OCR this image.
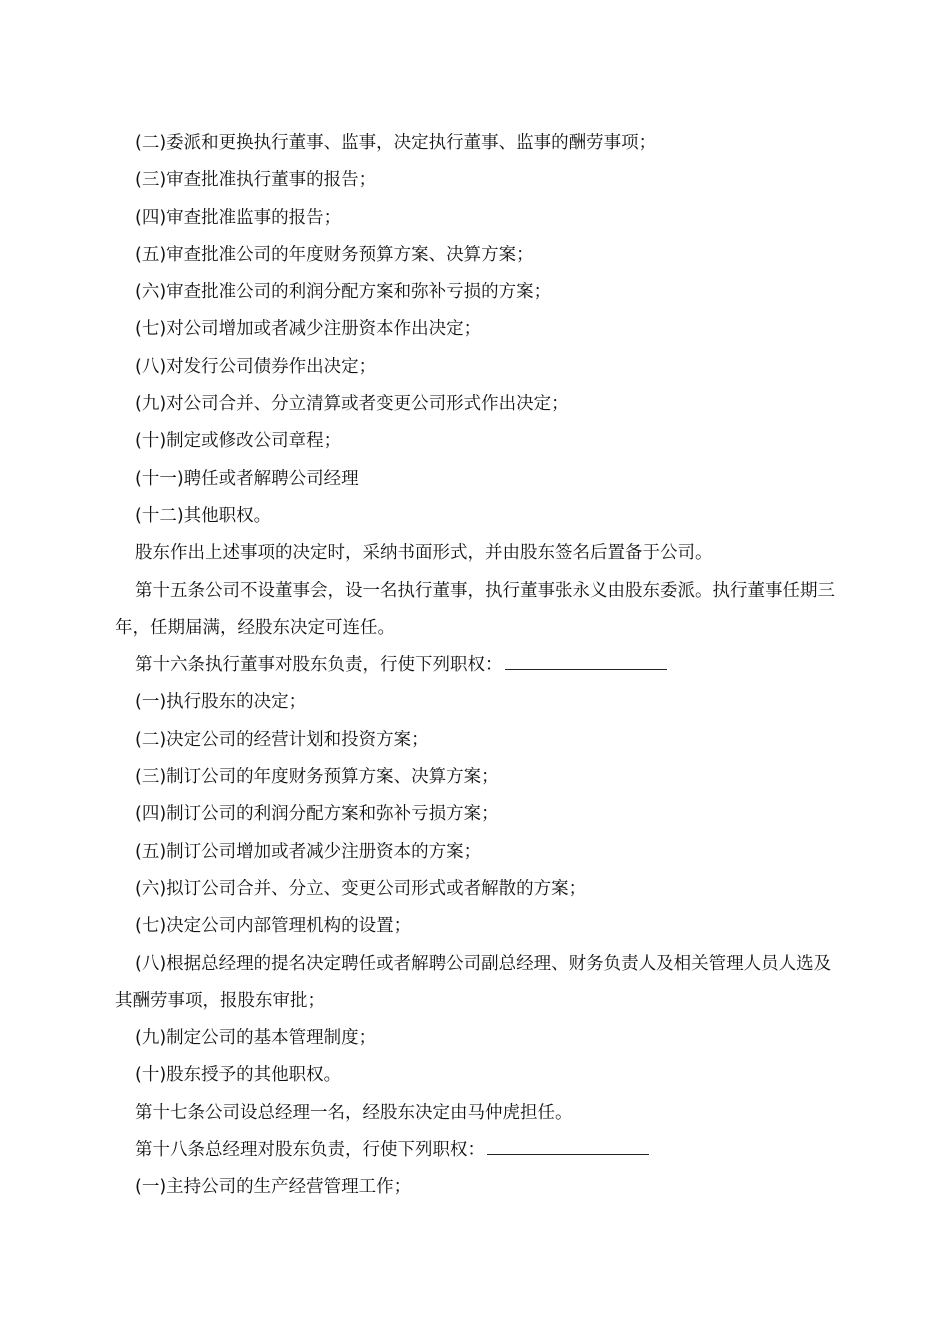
(二)委派和更换执行董事、监事，决定执行董事、监事的酬劳事项；

(三)审查批准执行董事的报告；

(四)审查批准监事的报告；

(五)审查批准公司的年度财务预算方案、决算方案；

(六)审查批准公司的利润分配方案和弥补亏损的方案；

(七)对公司增加或者减少注册资本作出决定；

(八)对发行公司债券作出决定；

(九)对公司合并、分立清算或者变更公司形式作出决定；

(十)制定或修改公司章程；

(十一)聘任或者解聘公司经理

(十二)其他职权。

股东作出上述事项的决定时，采纳书面形式，并由股东签名后置备于公司。

第十五条公司不设董事会，设一名执行董事，执行董事张永义由股东委派。执行董事任期三年，任期届满，经股东决定可连任。

第十六条执行董事对股东负责，行使下列职权：

(一)执行股东的决定；

(二)决定公司的经营计划和投资方案；

(三)制订公司的年度财务预算方案、决算方案；

(四)制订公司的利润分配方案和弥补亏损方案；

(五)制订公司增加或者减少注册资本的方案；

(六)拟订公司合并、分立、变更公司形式或者解散的方案；

(七)决定公司内部管理机构的设置；

(八)根据总经理的提名决定聘任或者解聘公司副总经理、财务负责人及相关管理人员人选及其酬劳事项，报股东审批；

(九)制定公司的基本管理制度；

(十)股东授予的其他职权。

第十七条公司设总经理一名，经股东决定由马仲虎担任。

第十八条总经理对股东负责，行使下列职权：

(一)主持公司的生产经营管理工作；
